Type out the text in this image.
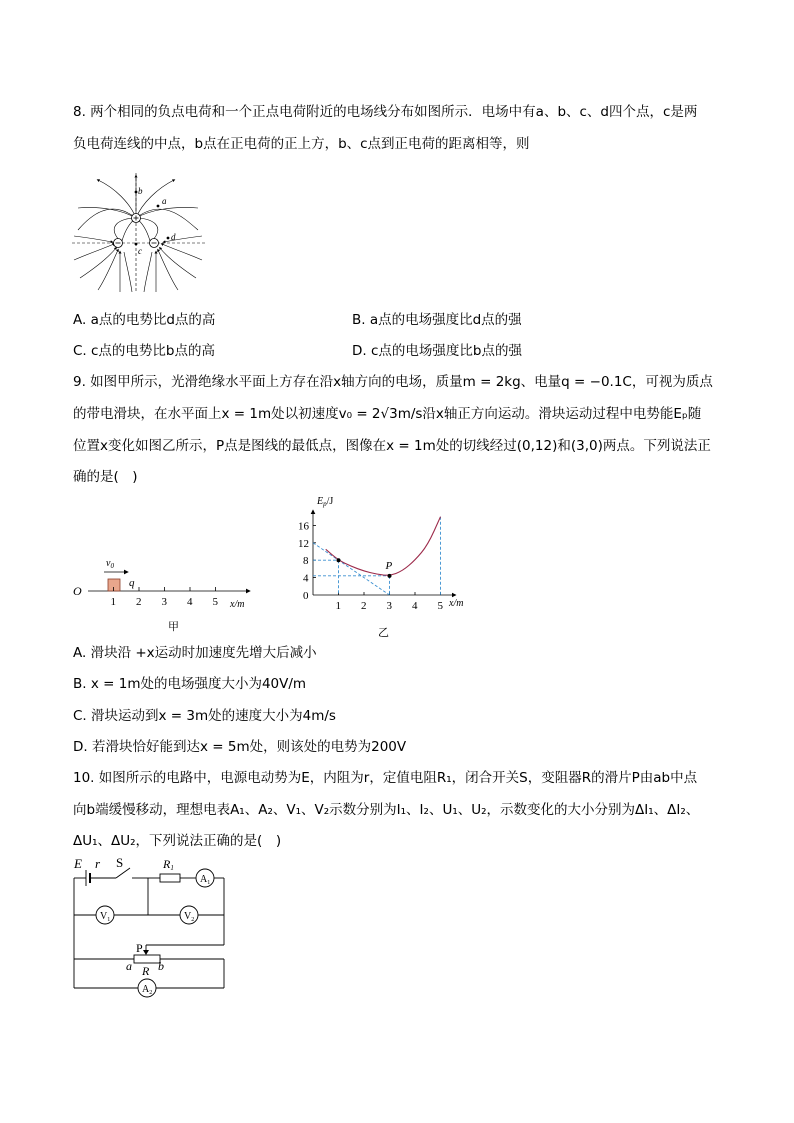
8. 两个相同的负点电荷和一个正点电荷附近的电场线分布如图所示．电场中有a、b、c、d四个点，c是两
负电荷连线的中点，b点在正电荷的正上方，b、c点到正电荷的距离相等，则
b
a
c
d
A. a点的电势比d点的高	B. a点的电场强度比d点的强
C. c点的电势比b点的高	D. c点的电场强度比b点的强
9. 如图甲所示，光滑绝缘水平面上方存在沿x轴方向的电场，质量m = 2kg、电量q = −0.1C，可视为质点
的带电滑块，在水平面上x = 1m处以初速度v₀ = 2√3m/s沿x轴正方向运动。滑块运动过程中电势能Eₚ随
位置x变化如图乙所示，P点是图线的最低点，图像在x = 1m处的切线经过(0,12)和(3,0)两点。下列说法正
确的是(　)
O
$v_0$
q
1 2 3 4 5 x/m
甲
16
12
8
4
0
1 2 3 4 5
P
$E_p/J$
x/m
乙
A. 滑块沿 +x运动时加速度先增大后减小
B. x = 1m处的电场强度大小为40V/m
C. 滑块运动到x = 3m处的速度大小为4m/s
D. 若滑块恰好能到达x = 5m处，则该处的电势为200V
10. 如图所示的电路中，电源电动势为E，内阻为r，定值电阻R₁，闭合开关S，变阻器R的滑片P由ab中点
向b端缓慢移动，理想电表A₁、A₂、V₁、V₂示数分别为I₁、I₂、U₁、U₂，示数变化的大小分别为ΔI₁、ΔI₂、
ΔU₁、ΔU₂，下列说法正确的是(　)
$A_1$
$V_1$	$V_2$
$A_2$
E r S	R1
P
a R b
